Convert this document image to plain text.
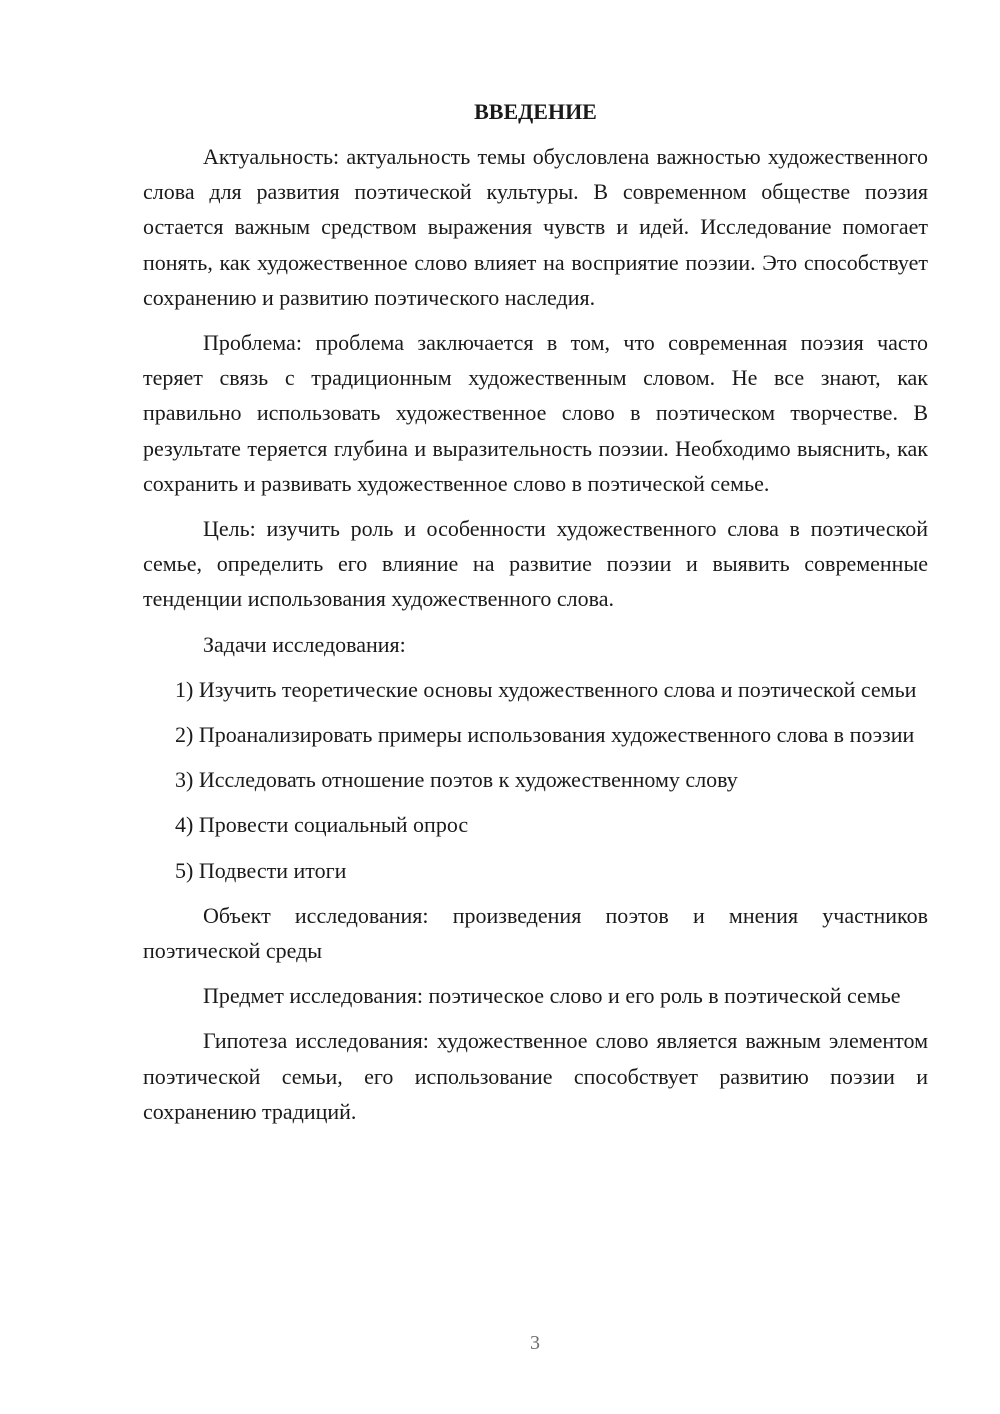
ВВЕДЕНИЕ

Актуальность: актуальность темы обусловлена важностью художественного слова для развития поэтической культуры. В современном обществе поэзия остается важным средством выражения чувств и идей. Исследование помогает понять, как художественное слово влияет на восприятие поэзии. Это способствует сохранению и развитию поэтического наследия.

Проблема: проблема заключается в том, что современная поэзия часто теряет связь с традиционным художественным словом. Не все знают, как правильно использовать художественное слово в поэтическом творчестве. В результате теряется глубина и выразительность поэзии. Необходимо выяснить, как сохранить и развивать художественное слово в поэтической семье.

Цель: изучить роль и особенности художественного слова в поэтической семье, определить его влияние на развитие поэзии и выявить современные тенденции использования художественного слова.

Задачи исследования:

1) Изучить теоретические основы художественного слова и поэтической семьи

2) Проанализировать примеры использования художественного слова в поэзии

3) Исследовать отношение поэтов к художественному слову

4) Провести социальный опрос

5) Подвести итоги

Объект исследования: произведения поэтов и мнения участников поэтической среды

Предмет исследования: поэтическое слово и его роль в поэтической семье

Гипотеза исследования: художественное слово является важным элементом поэтической семьи, его использование способствует развитию поэзии и сохранению традиций.

3
